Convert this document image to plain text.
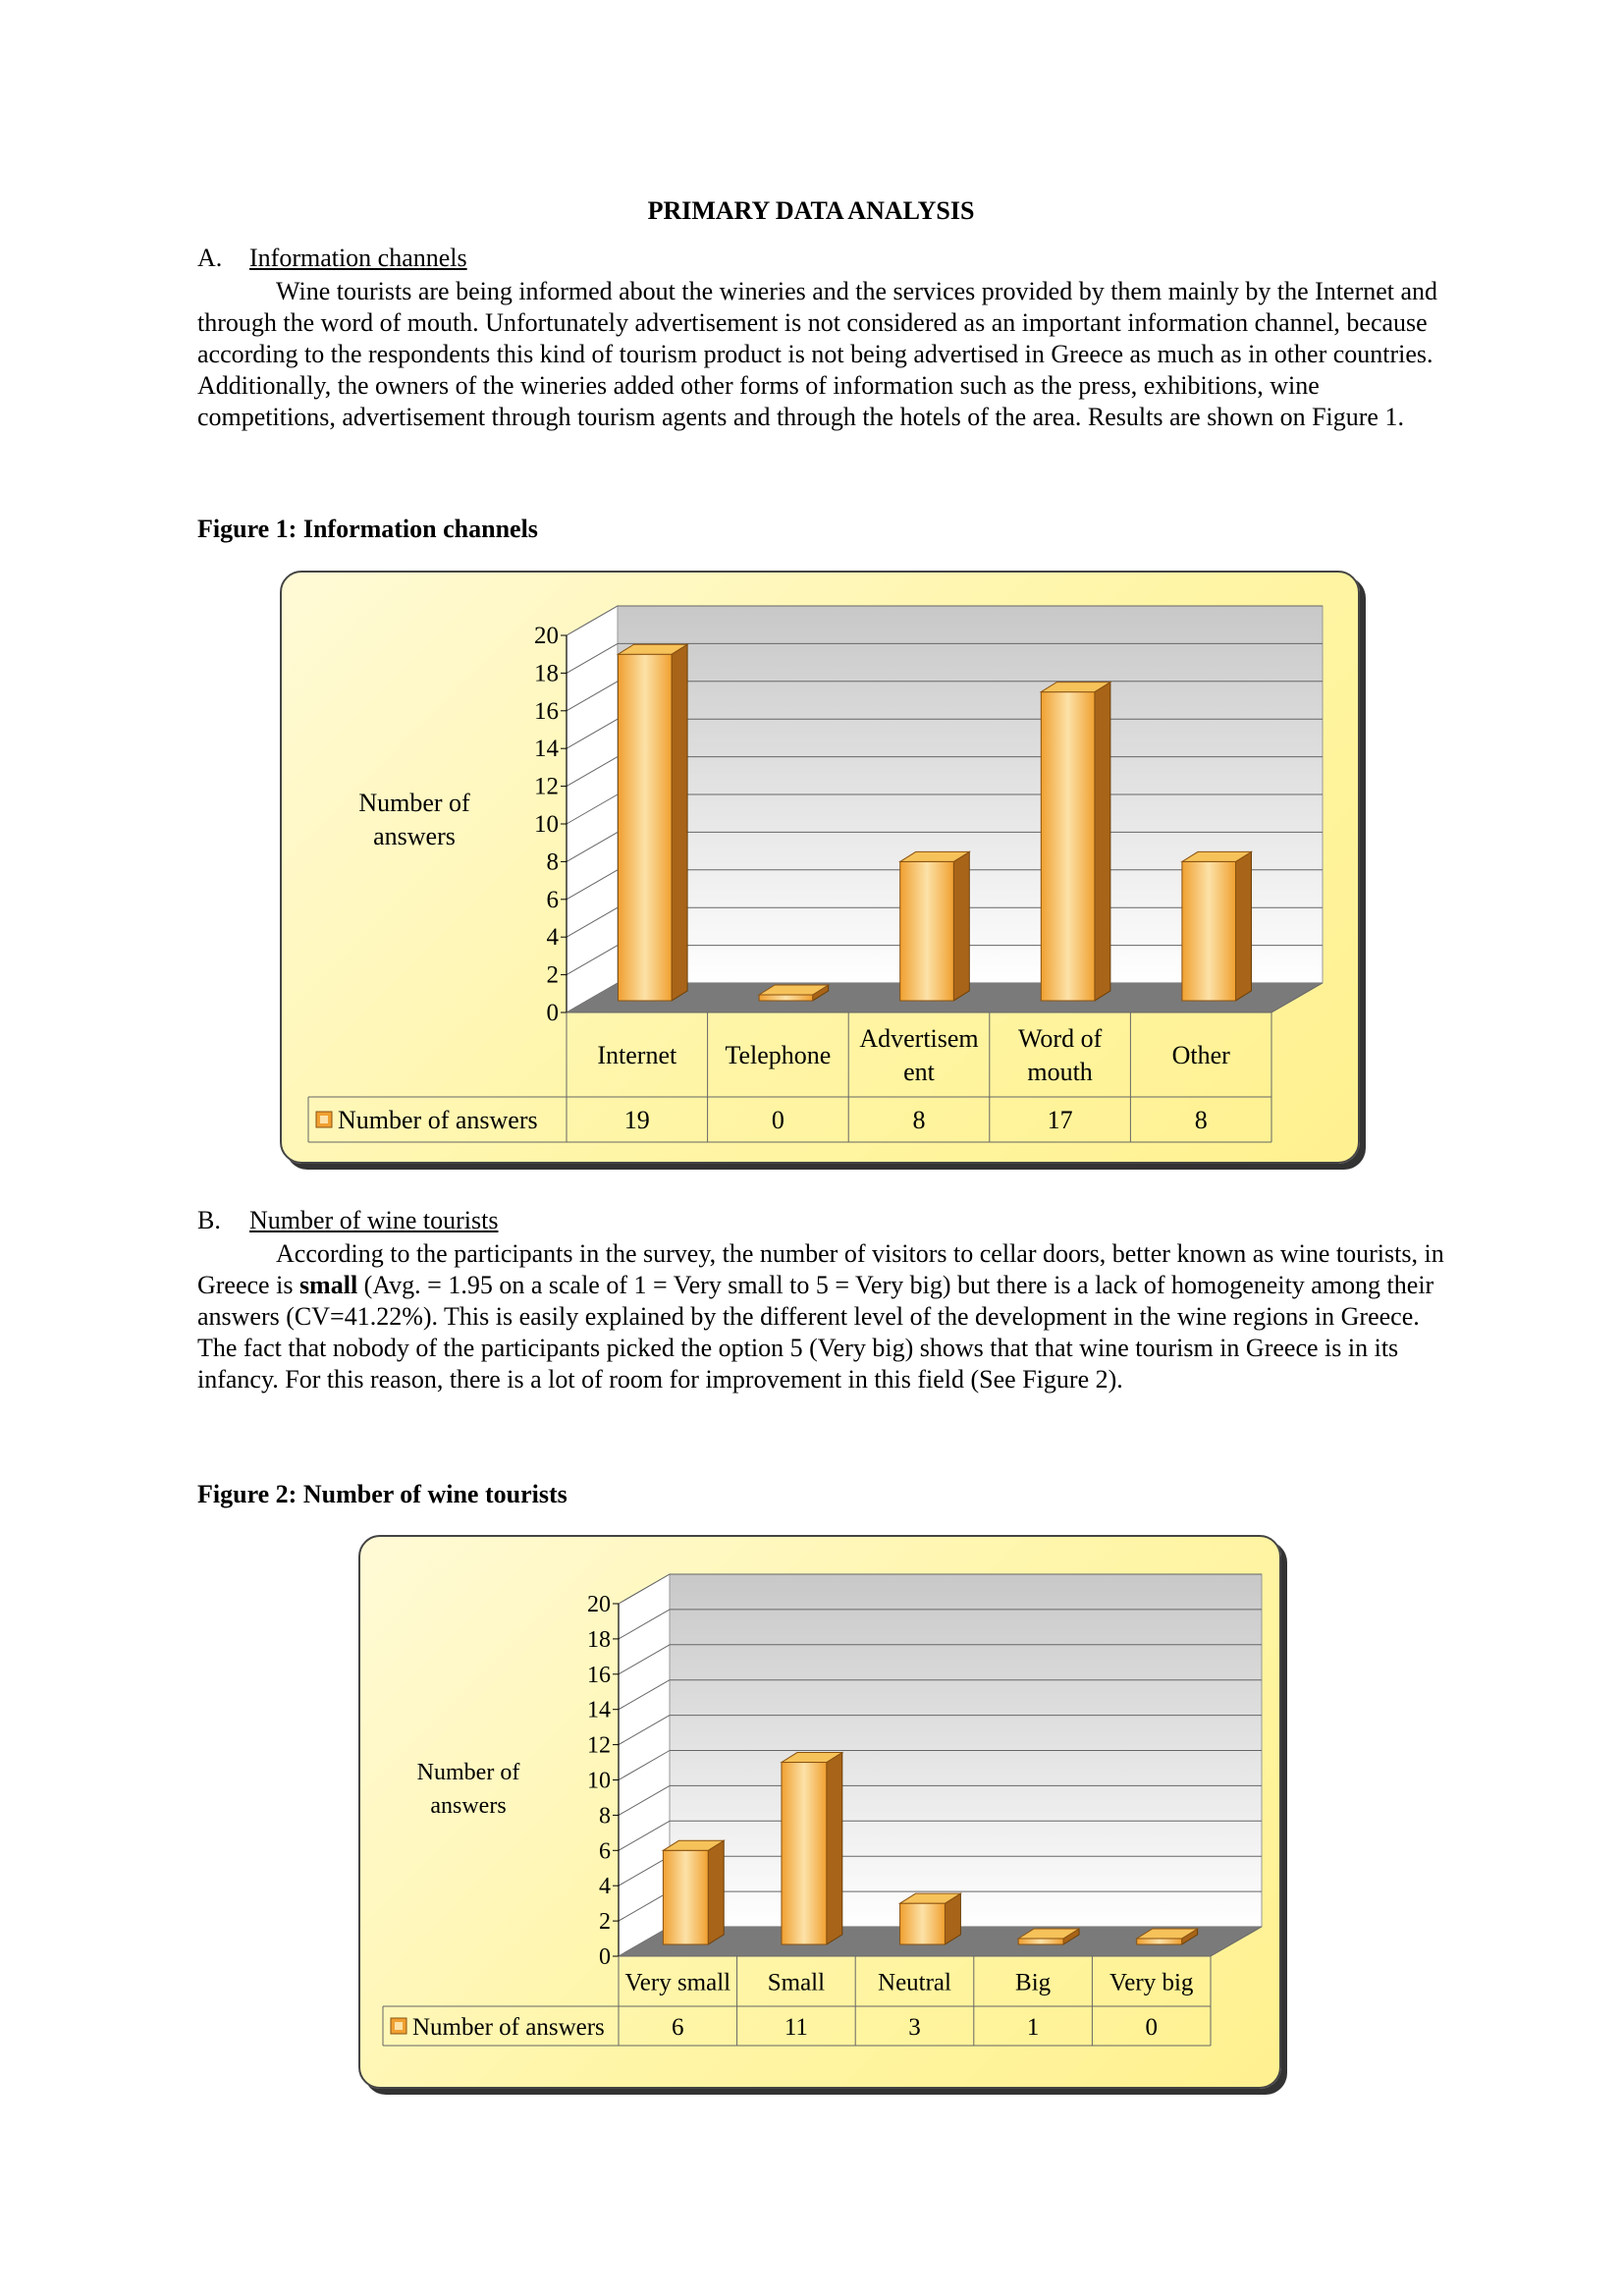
PRIMARY DATA ANALYSIS
A. Information channels

Wine tourists are being informed about the wineries and the services provided by them mainly by the Internet and through the word of mouth. Unfortunately advertisement is not considered as an important information channel, because according to the respondents this kind of tourism product is not being advertised in Greece as much as in other countries. Additionally, the owners of the wineries added other forms of information such as the press, exhibitions, wine competitions, advertisement through tourism agents and through the hotels of the area. Results are shown on Figure 1.

Figure 1: Information channels
Number of
answers
0
2
4
6
8
10
12
14
16
18
20
Internet
19
Telephone
0
Advertisem
ent
8
Word of
mouth
17
Other
8
Number of answers
B. Number of wine tourists

According to the participants in the survey, the number of visitors to cellar doors, better known as wine tourists, in Greece is small (Avg. = 1.95 on a scale of 1 = Very small to 5 = Very big) but there is a lack of homogeneity among their answers (CV=41.22%). This is easily explained by the different level of the development in the wine regions in Greece. The fact that nobody of the participants picked the option 5 (Very big) shows that that wine tourism in Greece is in its infancy. For this reason, there is a lot of room for improvement in this field (See Figure 2).

Figure 2: Number of wine tourists
Number of
answers
0
2
4
6
8
10
12
14
16
18
20
Very small
6
Small
11
Neutral
3
Big
1
Very big
0
Number of answers
